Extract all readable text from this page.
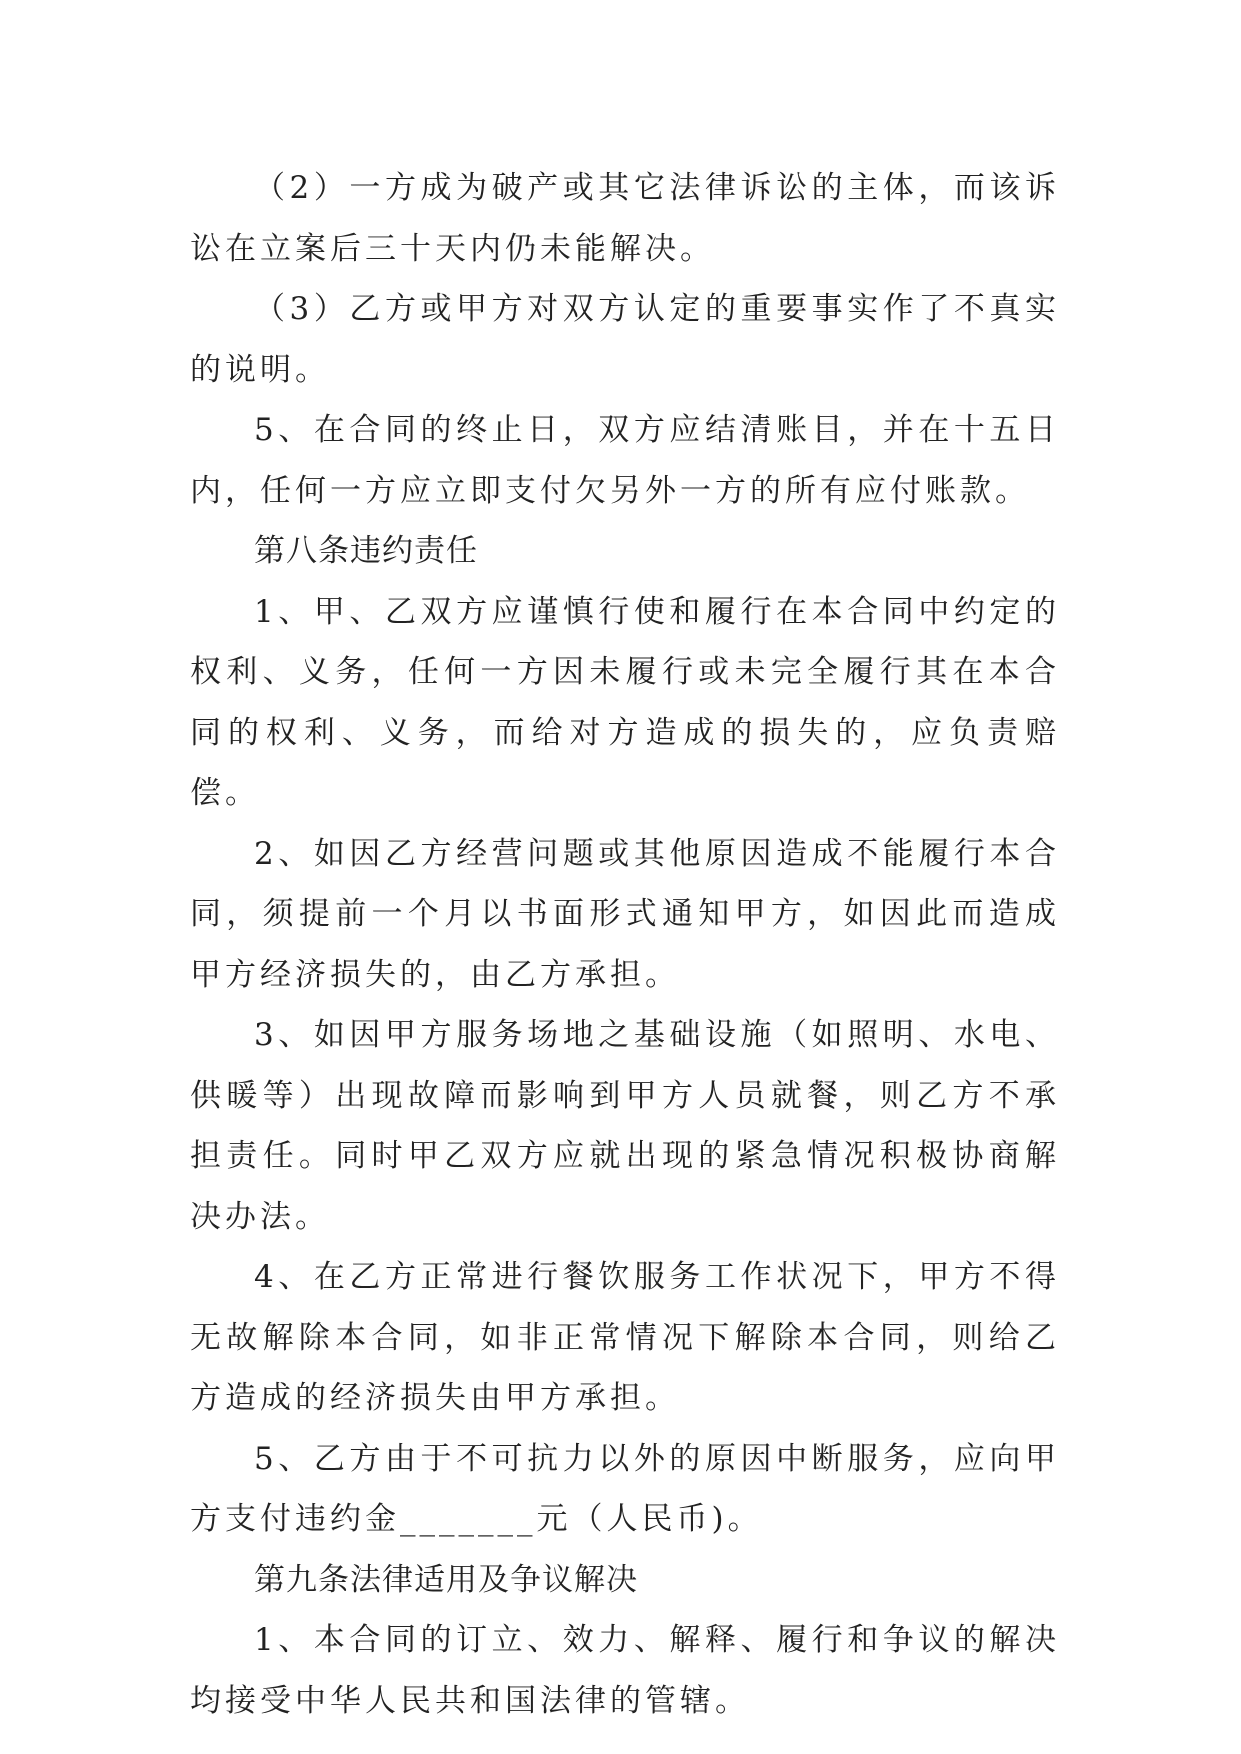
（2）一方成为破产或其它法律诉讼的主体，而该诉讼在立案后三十天内仍未能解决。

（3）乙方或甲方对双方认定的重要事实作了不真实的说明。

5、在合同的终止日，双方应结清账目，并在十五日内，任何一方应立即支付欠另外一方的所有应付账款。

第八条违约责任

1、甲、乙双方应谨慎行使和履行在本合同中约定的权利、义务，任何一方因未履行或未完全履行其在本合同的权利、义务，而给对方造成的损失的，应负责赔偿。

2、如因乙方经营问题或其他原因造成不能履行本合同，须提前一个月以书面形式通知甲方，如因此而造成甲方经济损失的，由乙方承担。

3、如因甲方服务场地之基础设施（如照明、水电、供暖等）出现故障而影响到甲方人员就餐，则乙方不承担责任。同时甲乙双方应就出现的紧急情况积极协商解决办法。

4、在乙方正常进行餐饮服务工作状况下，甲方不得无故解除本合同，如非正常情况下解除本合同，则给乙方造成的经济损失由甲方承担。

5、乙方由于不可抗力以外的原因中断服务，应向甲方支付违约金_______元（人民币)。

第九条法律适用及争议解决

1、本合同的订立、效力、解释、履行和争议的解决均接受中华人民共和国法律的管辖。
